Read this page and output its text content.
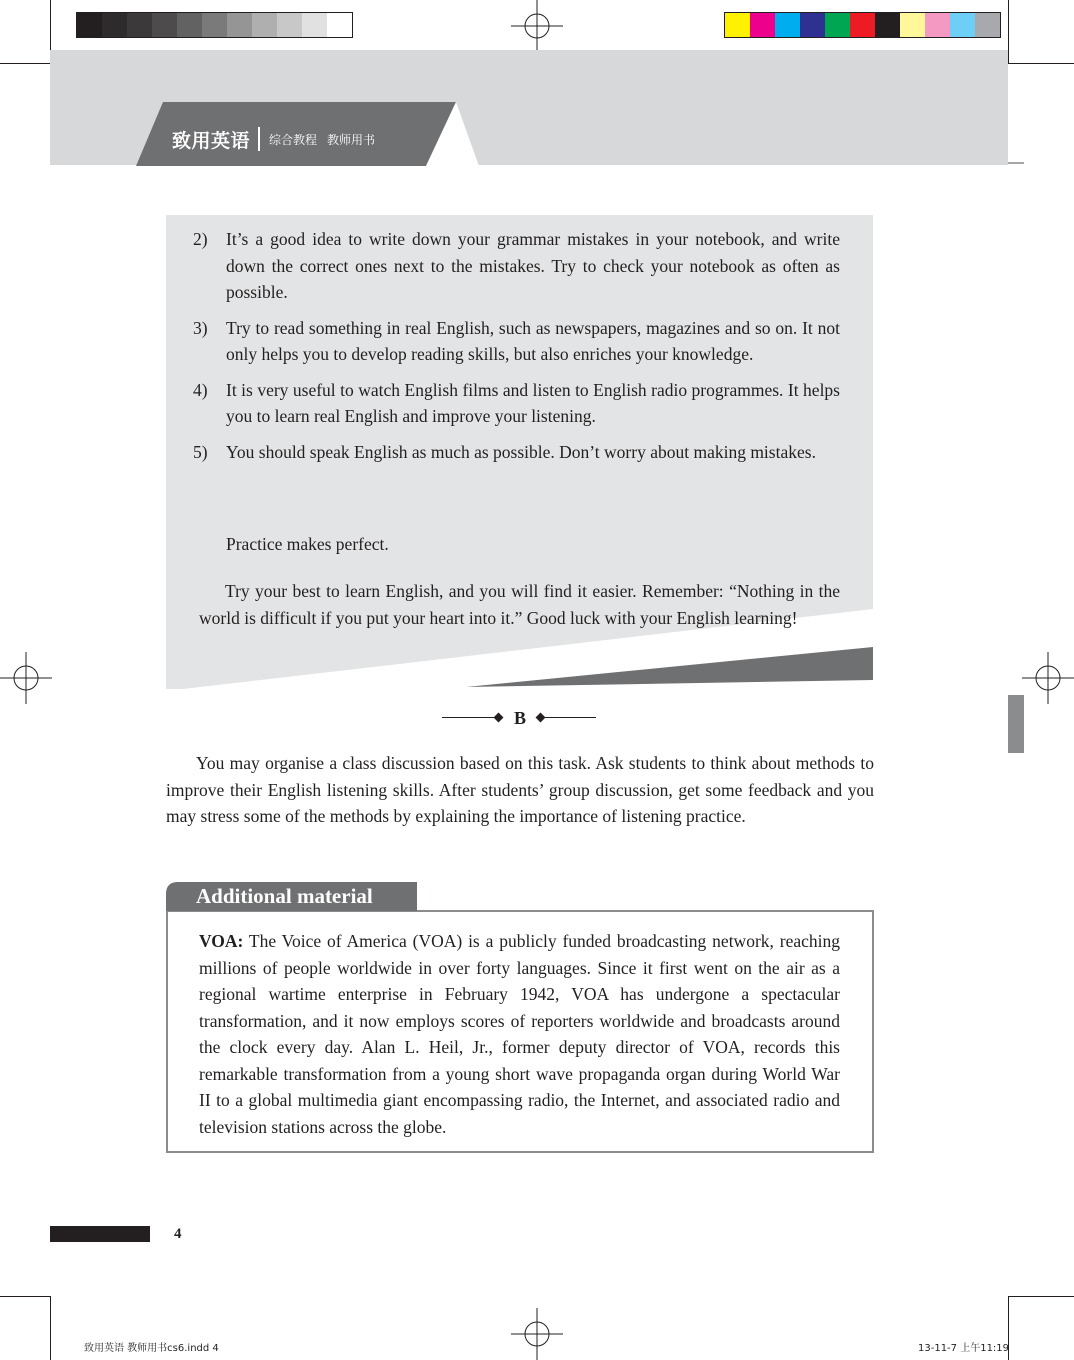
致用英语 综合教程 教师用书
2)	It’s a good idea to write down your grammar mistakes in your notebook, and write down the correct ones next to the mistakes. Try to check your notebook as often as possible.
3)	Try to read something in real English, such as newspapers, magazines and so on. It not only helps you to develop reading skills, but also enriches your knowledge.
4)	It is very useful to watch English films and listen to English radio programmes. It helps you to learn real English and improve your listening.
5)	You should speak English as much as possible. Don’t worry about making mistakes.
Practice makes perfect.

Try your best to learn English, and you will find it easier. Remember: “Nothing in the world is difficult if you put your heart into it.” Good luck with your English learning!

B

You may organise a class discussion based on this task. Ask students to think about methods to improve their English listening skills. After students’ group discussion, get some feedback and you may stress some of the methods by explaining the importance of listening practice.

Additional material

VOA: The Voice of America (VOA) is a publicly funded broadcasting network, reaching millions of people worldwide in over forty languages. Since it first went on the air as a regional wartime enterprise in February 1942, VOA has undergone a spectacular transformation, and it now employs scores of reporters worldwide and broadcasts around the clock every day. Alan L. Heil, Jr., former deputy director of VOA, records this remarkable transformation from a young short wave propaganda organ during World War II to a global multimedia giant encompassing radio, the Internet, and associated radio and television stations across the globe.

4
致用英语 教师用书cs6.indd 4	13-11-7 上午11:19
